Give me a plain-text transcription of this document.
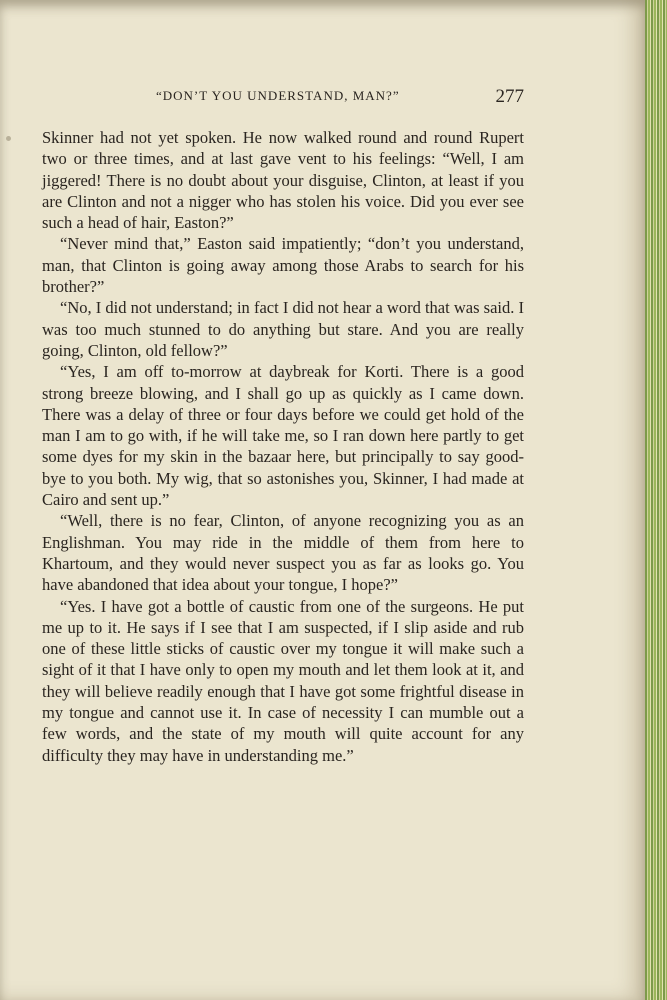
“DON’T YOU UNDERSTAND, MAN?”	277

Skinner had not yet spoken. He now walked round and round Rupert two or three times, and at last gave vent to his feelings: “Well, I am jiggered! There is no doubt about your disguise, Clinton, at least if you are Clinton and not a nigger who has stolen his voice. Did you ever see such a head of hair, Easton?”

“Never mind that,” Easton said impatiently; “don’t you understand, man, that Clinton is going away among those Arabs to search for his brother?”

“No, I did not understand; in fact I did not hear a word that was said. I was too much stunned to do anything but stare. And you are really going, Clinton, old fellow?”

“Yes, I am off to-morrow at daybreak for Korti. There is a good strong breeze blowing, and I shall go up as quickly as I came down. There was a delay of three or four days before we could get hold of the man I am to go with, if he will take me, so I ran down here partly to get some dyes for my skin in the bazaar here, but principally to say good-bye to you both. My wig, that so astonishes you, Skinner, I had made at Cairo and sent up.”

“Well, there is no fear, Clinton, of anyone recognizing you as an Englishman. You may ride in the middle of them from here to Khartoum, and they would never suspect you as far as looks go. You have abandoned that idea about your tongue, I hope?”

“Yes. I have got a bottle of caustic from one of the surgeons. He put me up to it. He says if I see that I am suspected, if I slip aside and rub one of these little sticks of caustic over my tongue it will make such a sight of it that I have only to open my mouth and let them look at it, and they will believe readily enough that I have got some frightful disease in my tongue and cannot use it. In case of necessity I can mumble out a few words, and the state of my mouth will quite account for any difficulty they may have in understanding me.”
